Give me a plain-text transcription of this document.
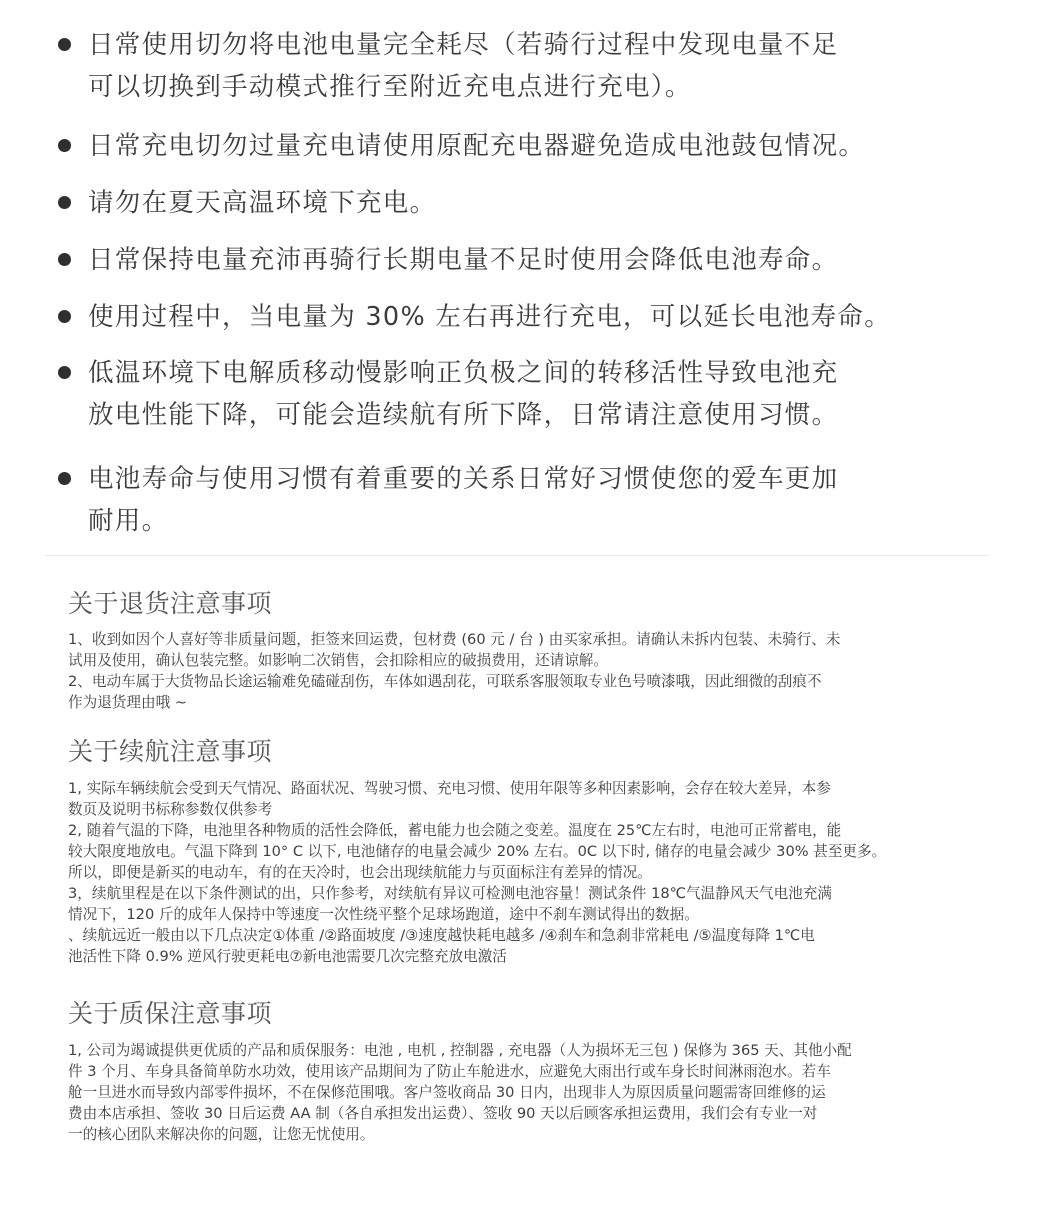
日常使用切勿将电池电量完全耗尽（若骑行过程中发现电量不足
可以切换到手动模式推行至附近充电点进行充电）。

日常充电切勿过量充电请使用原配充电器避免造成电池鼓包情况。

请勿在夏天高温环境下充电。

日常保持电量充沛再骑行长期电量不足时使用会降低电池寿命。

使用过程中，当电量为 30% 左右再进行充电，可以延长电池寿命。

低温环境下电解质移动慢影响正负极之间的转移活性导致电池充
放电性能下降，可能会造续航有所下降，日常请注意使用习惯。

电池寿命与使用习惯有着重要的关系日常好习惯使您的爱车更加
耐用。

关于退货注意事项

1、收到如因个人喜好等非质量问题，拒签来回运费，包材费 (60 元 / 台 ) 由买家承担。请确认未拆内包装、未骑行、未

试用及使用，确认包装完整。如影响二次销售，会扣除相应的破损费用，还请谅解。

2、电动车属于大货物品长途运输难免磕碰刮伤，车体如遇刮花，可联系客服领取专业色号喷漆哦，因此细微的刮痕不

作为退货理由哦 ~

关于续航注意事项

1, 实际车辆续航会受到天气情况、路面状况、驾驶习惯、充电习惯、使用年限等多种因素影响，会存在较大差异，本参

数页及说明书标称参数仅供参考

2, 随着气温的下降，电池里各种物质的活性会降低，蓄电能力也会随之变差。温度在 25℃左右时，电池可正常蓄电，能

较大限度地放电。气温下降到 10° C 以下, 电池储存的电量会减少 20% 左右。0C 以下时, 储存的电量会减少 30% 甚至更多。

所以，即便是新买的电动车，有的在天冷时，也会出现续航能力与页面标注有差异的情况。

3，续航里程是在以下条件测试的出，只作参考，对续航有异议可检测电池容量！测试条件 18℃气温静风天气电池充满

情况下，120 斤的成年人保持中等速度一次性绕平整个足球场跑道，途中不刹车测试得出的数据。

、续航远近一般由以下几点决定①体重 /②路面坡度 /③速度越快耗电越多 /④刹车和急刹非常耗电 /⑤温度每降 1℃电

池活性下降 0.9% 逆风行驶更耗电⑦新电池需要几次完整充放电激活

关于质保注意事项

1, 公司为竭诚提供更优质的产品和质保服务：电池 , 电机 , 控制器 , 充电器（人为损坏无三包 ) 保修为 365 天、其他小配

件 3 个月、车身具备简单防水功效，使用该产品期间为了防止车舱进水，应避免大雨出行或车身长时间淋雨泡水。若车

舱一旦进水而导致内部零件损坏，不在保修范围哦。客户签收商品 30 日内，出现非人为原因质量问题需寄回维修的运

费由本店承担、签收 30 日后运费 AA 制（各自承担发出运费）、签收 90 天以后顾客承担运费用，我们会有专业一对

一的核心团队来解决你的问题，让您无忧使用。
